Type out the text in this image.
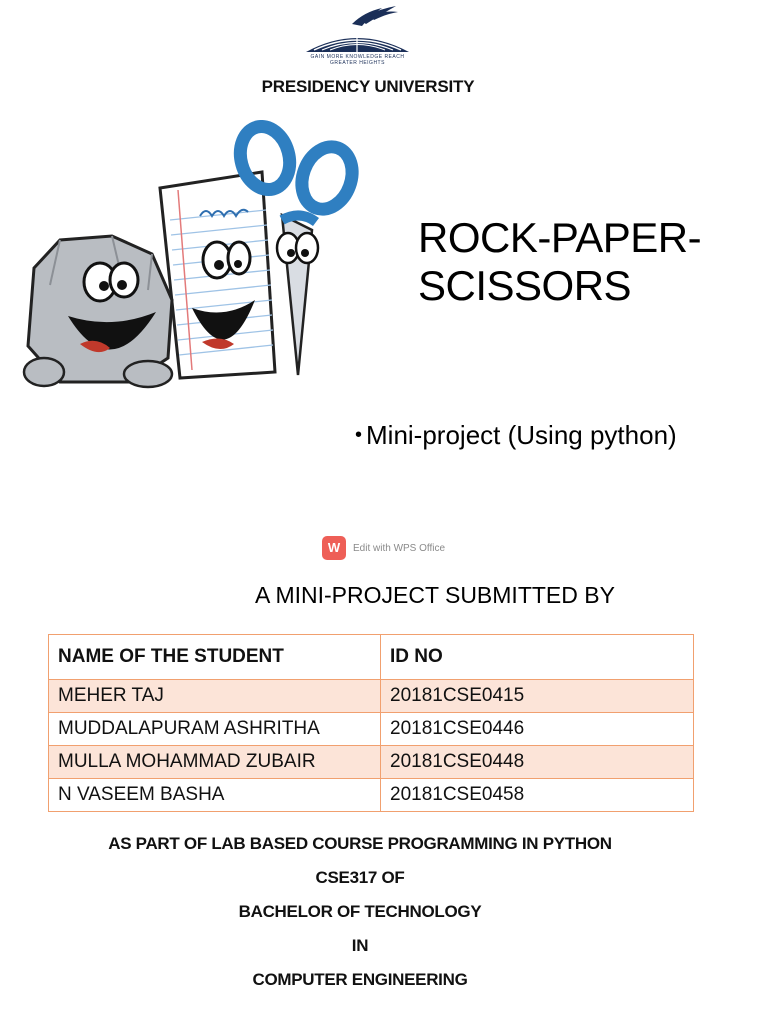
GAIN MORE KNOWLEDGE REACH GREATER HEIGHTS
PRESIDENCY UNIVERSITY
ROCK-PAPER-
SCISSORS
• Mini-project (Using python)
W	Edit with WPS Office
A MINI-PROJECT SUBMITTED BY
NAME OF THE STUDENT	ID NO
MEHER TAJ	20181CSE0415
MUDDALAPURAM ASHRITHA	20181CSE0446
MULLA MOHAMMAD ZUBAIR	20181CSE0448
N VASEEM BASHA	20181CSE0458
AS PART OF LAB BASED COURSE PROGRAMMING IN PYTHON
CSE317 OF
BACHELOR OF TECHNOLOGY
IN
COMPUTER ENGINEERING
